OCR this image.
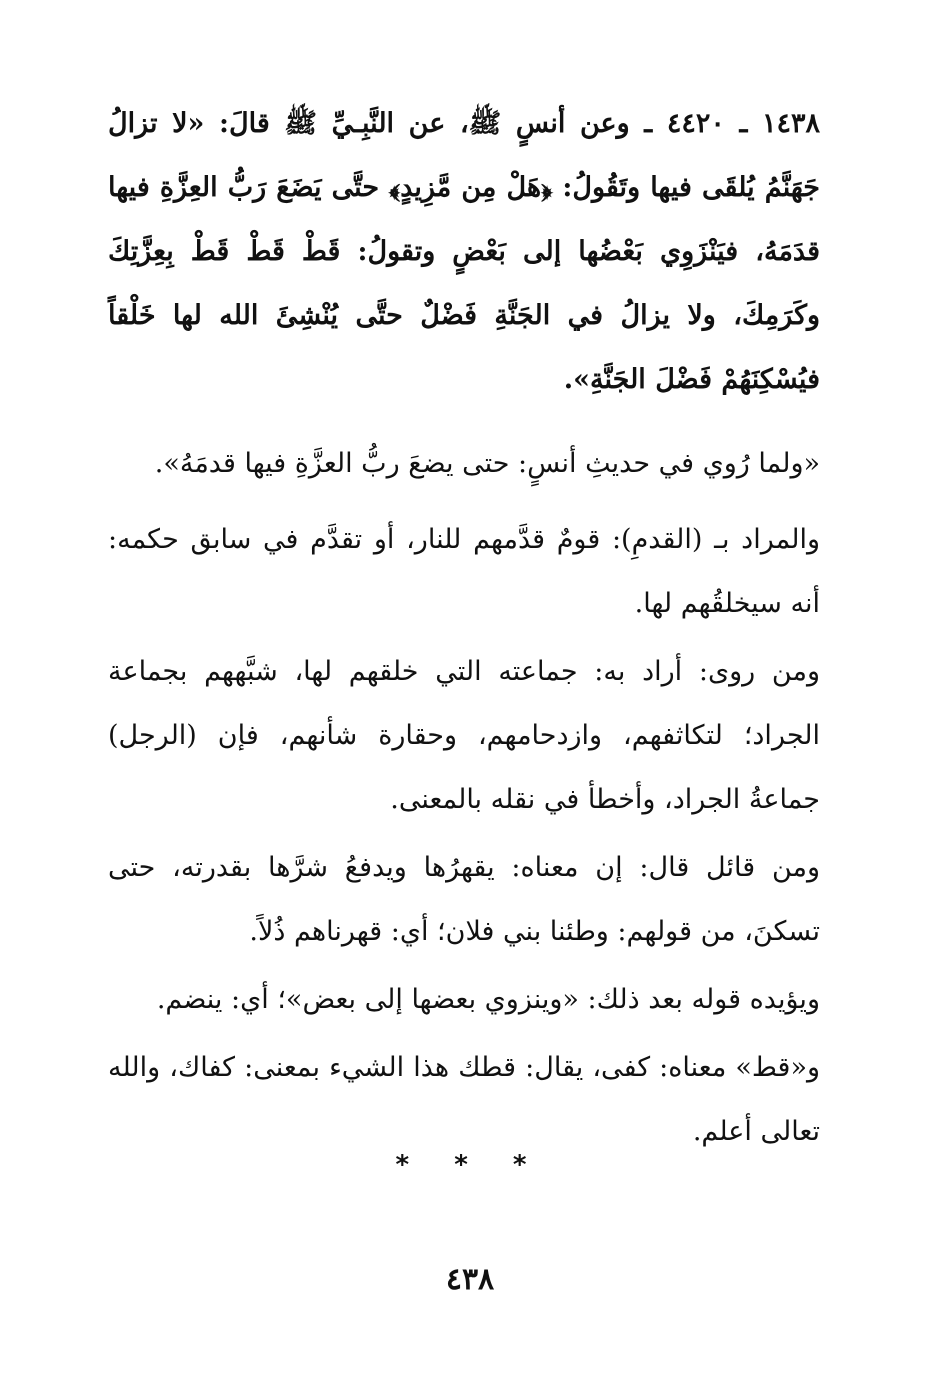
١٤٣٨ ـ ٤٤٢٠ ـ وعن أنسٍ ﷺ، عن النَّبِـيِّ ﷺ قالَ: «لا تزالُ جَهَنَّمُ يُلقَى فيها وتَقُولُ: ﴿هَلْ مِن مَّزِيدٍ﴾ حتَّى يَضَعَ رَبُّ العِزَّةِ فيها قدَمَهُ، فيَنْزَوِي بَعْضُها إلى بَعْضٍ وتقولُ: قَطْ قَطْ قَطْ بِعِزَّتِكَ وكَرَمِكَ، ولا يزالُ في الجَنَّةِ فَضْلٌ حتَّى يُنْشِئَ الله لها خَلْقاً فيُسْكِنَهُمْ فَضْلَ الجَنَّةِ».

«ولما رُوي في حديثِ أنسٍ: حتى يضعَ ربُّ العزَّةِ فيها قدمَهُ».

والمراد بـ (القدمِ): قومٌ قدَّمهم للنار، أو تقدَّم في سابق حكمه: أنه سيخلقُهم لها.

ومن روى: أراد به: جماعته التي خلقهم لها، شبَّههم بجماعة الجراد؛ لتكاثفهم، وازدحامهم، وحقارة شأنهم، فإن (الرجل) جماعةُ الجراد، وأخطأ في نقله بالمعنى.

ومن قائل قال: إن معناه: يقهرُها ويدفعُ شرَّها بقدرته، حتى تسكنَ، من قولهم: وطئنا بني فلان؛ أي: قهرناهم ذُلاً.

ويؤيده قوله بعد ذلك: «وينزوي بعضها إلى بعض»؛ أي: ينضم.

و«قط» معناه: كفى، يقال: قطك هذا الشيء بمعنى: كفاك، والله تعالى أعلم.

* * *
٤٣٨
